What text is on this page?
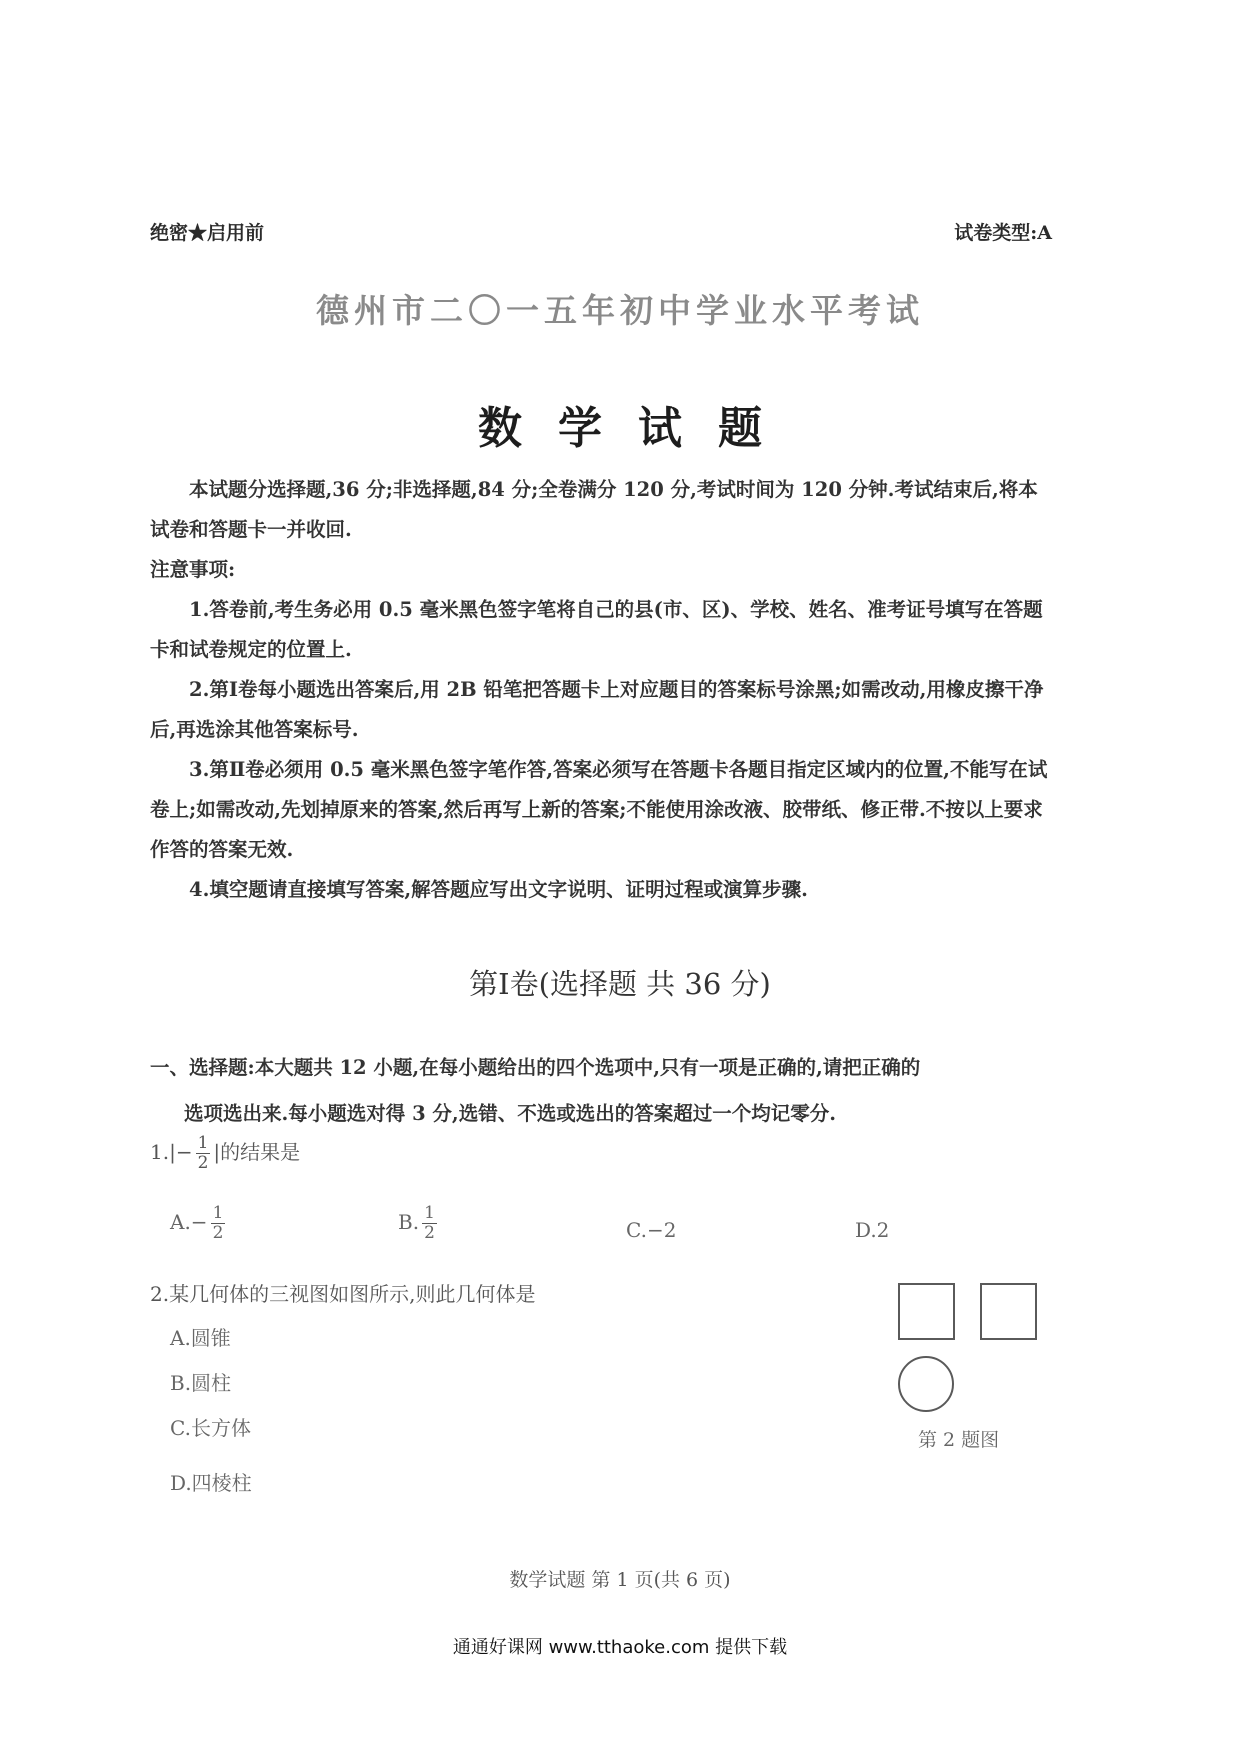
绝密★启用前	试卷类型:A
德州市二〇一五年初中学业水平考试
数学试题

本试题分选择题,36 分;非选择题,84 分;全卷满分 120 分,考试时间为 120 分钟.考试结束后,将本试卷和答题卡一并收回.

注意事项:

1.答卷前,考生务必用 0.5 毫米黑色签字笔将自己的县(市、区)、学校、姓名、准考证号填写在答题卡和试卷规定的位置上.

2.第Ⅰ卷每小题选出答案后,用 2B 铅笔把答题卡上对应题目的答案标号涂黑;如需改动,用橡皮擦干净后,再选涂其他答案标号.

3.第Ⅱ卷必须用 0.5 毫米黑色签字笔作答,答案必须写在答题卡各题目指定区域内的位置,不能写在试卷上;如需改动,先划掉原来的答案,然后再写上新的答案;不能使用涂改液、胶带纸、修正带.不按以上要求作答的答案无效.

4.填空题请直接填写答案,解答题应写出文字说明、证明过程或演算步骤.

第Ⅰ卷(选择题 共 36 分)
一、选择题:本大题共 12 小题,在每小题给出的四个选项中,只有一项是正确的,请把正确的
选项选出来.每小题选对得 3 分,选错、不选或选出的答案超过一个均记零分.
$1.|- \frac{1}{2}$ |的结果是
$A.- \frac{1}{2}$	B. $\frac{1}{2}$	C.−2	D.2
2.某几何体的三视图如图所示,则此几何体是
A.圆锥
B.圆柱
C.长方体
D.四棱柱
第 2 题图
数学试题 第 1 页(共 6 页)
通通好课网 www.tthaoke.com 提供下载
